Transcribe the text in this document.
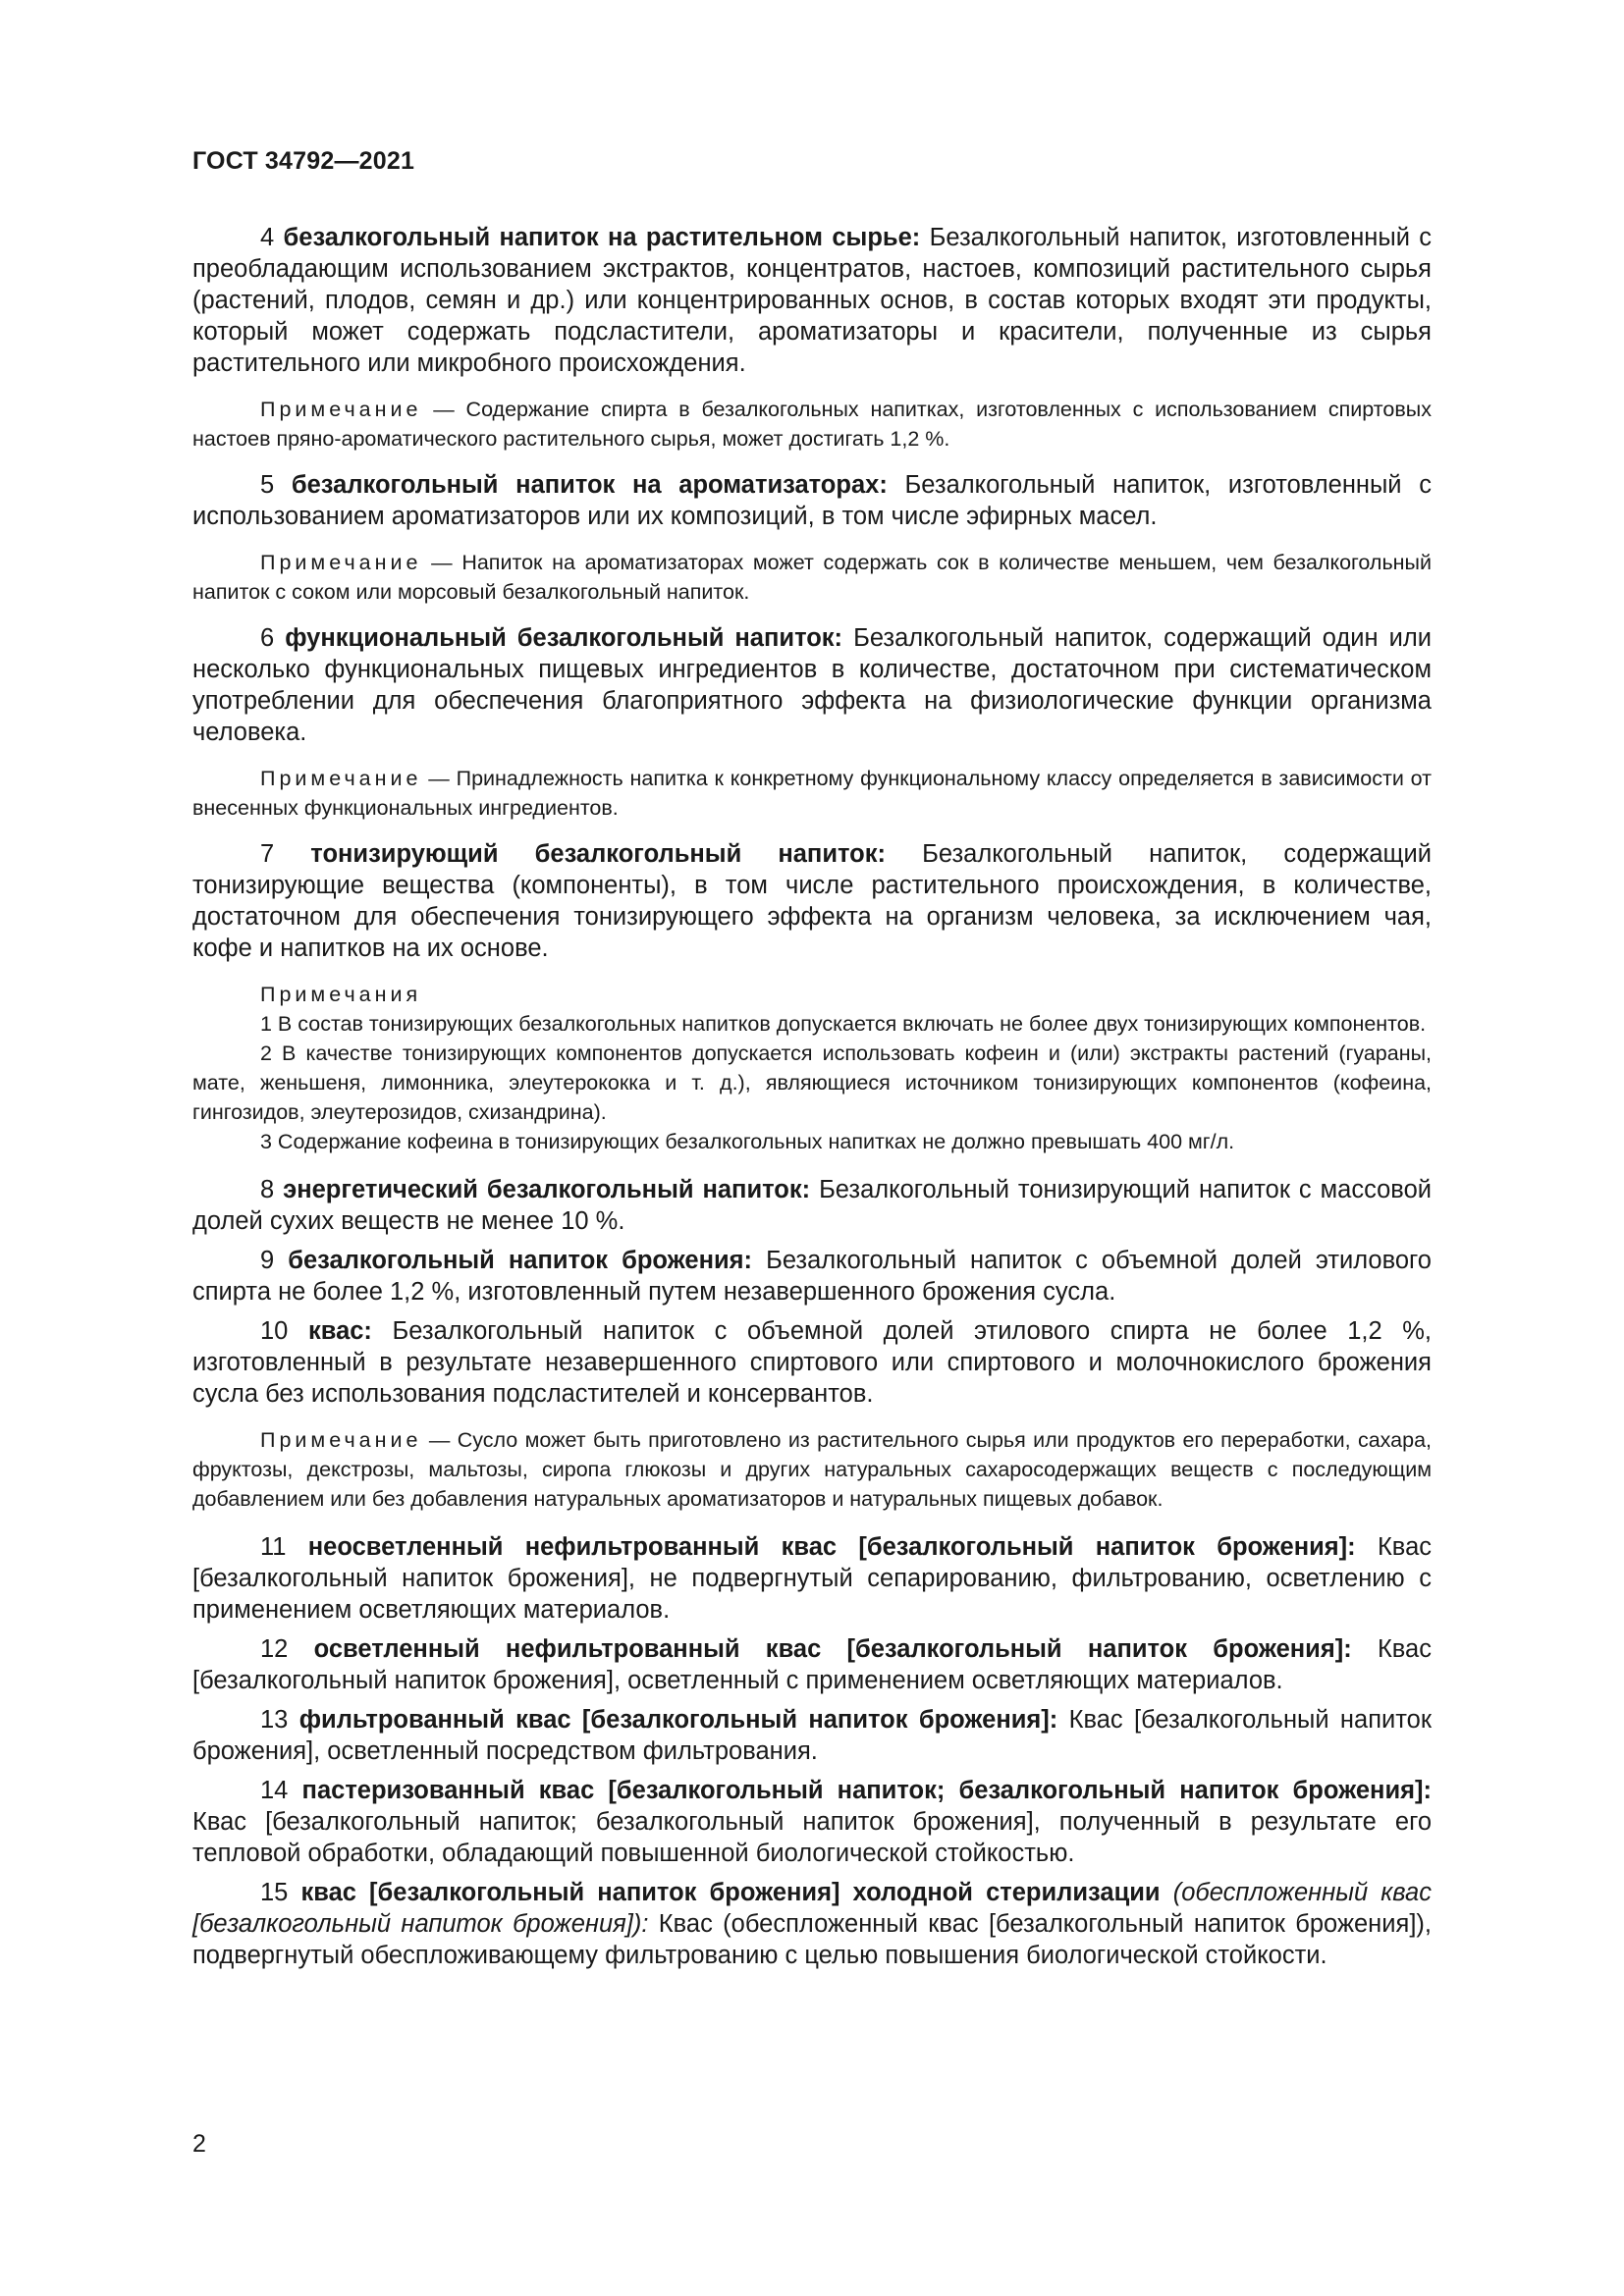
ГОСТ 34792—2021

4 безалкогольный напиток на растительном сырье: Безалкогольный напиток, изготовленный с преобладающим использованием экстрактов, концентратов, настоев, композиций растительного сырья (растений, плодов, семян и др.) или концентрированных основ, в состав которых входят эти продукты, который может содержать подсластители, ароматизаторы и красители, полученные из сырья растительного или микробного происхождения.

Примечание — Содержание спирта в безалкогольных напитках, изготовленных с использованием спиртовых настоев пряно-ароматического растительного сырья, может достигать 1,2 %.

5 безалкогольный напиток на ароматизаторах: Безалкогольный напиток, изготовленный с использованием ароматизаторов или их композиций, в том числе эфирных масел.

Примечание — Напиток на ароматизаторах может содержать сок в количестве меньшем, чем безалкогольный напиток с соком или морсовый безалкогольный напиток.

6 функциональный безалкогольный напиток: Безалкогольный напиток, содержащий один или несколько функциональных пищевых ингредиентов в количестве, достаточном при систематическом употреблении для обеспечения благоприятного эффекта на физиологические функции организма человека.

Примечание — Принадлежность напитка к конкретному функциональному классу определяется в зависимости от внесенных функциональных ингредиентов.

7 тонизирующий безалкогольный напиток: Безалкогольный напиток, содержащий тонизирующие вещества (компоненты), в том числе растительного происхождения, в количестве, достаточном для обеспечения тонизирующего эффекта на организм человека, за исключением чая, кофе и напитков на их основе.

Примечания

1 В состав тонизирующих безалкогольных напитков допускается включать не более двух тонизирующих компонентов.

2 В качестве тонизирующих компонентов допускается использовать кофеин и (или) экстракты растений (гуараны, мате, женьшеня, лимонника, элеутерококка и т. д.), являющиеся источником тонизирующих компонентов (кофеина, гингозидов, элеутерозидов, схизандрина).

3 Содержание кофеина в тонизирующих безалкогольных напитках не должно превышать 400 мг/л.

8 энергетический безалкогольный напиток: Безалкогольный тонизирующий напиток с массовой долей сухих веществ не менее 10 %.

9 безалкогольный напиток брожения: Безалкогольный напиток с объемной долей этилового спирта не более 1,2 %, изготовленный путем незавершенного брожения сусла.

10 квас: Безалкогольный напиток с объемной долей этилового спирта не более 1,2 %, изготовленный в результате незавершенного спиртового или спиртового и молочнокислого брожения сусла без использования подсластителей и консервантов.

Примечание — Сусло может быть приготовлено из растительного сырья или продуктов его переработки, сахара, фруктозы, декстрозы, мальтозы, сиропа глюкозы и других натуральных сахаросодержащих веществ с последующим добавлением или без добавления натуральных ароматизаторов и натуральных пищевых добавок.

11 неосветленный нефильтрованный квас [безалкогольный напиток брожения]: Квас [безалкогольный напиток брожения], не подвергнутый сепарированию, фильтрованию, осветлению с применением осветляющих материалов.

12 осветленный нефильтрованный квас [безалкогольный напиток брожения]: Квас [безалкогольный напиток брожения], осветленный с применением осветляющих материалов.

13 фильтрованный квас [безалкогольный напиток брожения]: Квас [безалкогольный напиток брожения], осветленный посредством фильтрования.

14 пастеризованный квас [безалкогольный напиток; безалкогольный напиток брожения]: Квас [безалкогольный напиток; безалкогольный напиток брожения], полученный в результате его тепловой обработки, обладающий повышенной биологической стойкостью.

15 квас [безалкогольный напиток брожения] холодной стерилизации (обеспложенный квас [безалкогольный напиток брожения]): Квас (обеспложенный квас [безалкогольный напиток брожения]), подвергнутый обеспложивающему фильтрованию с целью повышения биологической стойкости.

2
